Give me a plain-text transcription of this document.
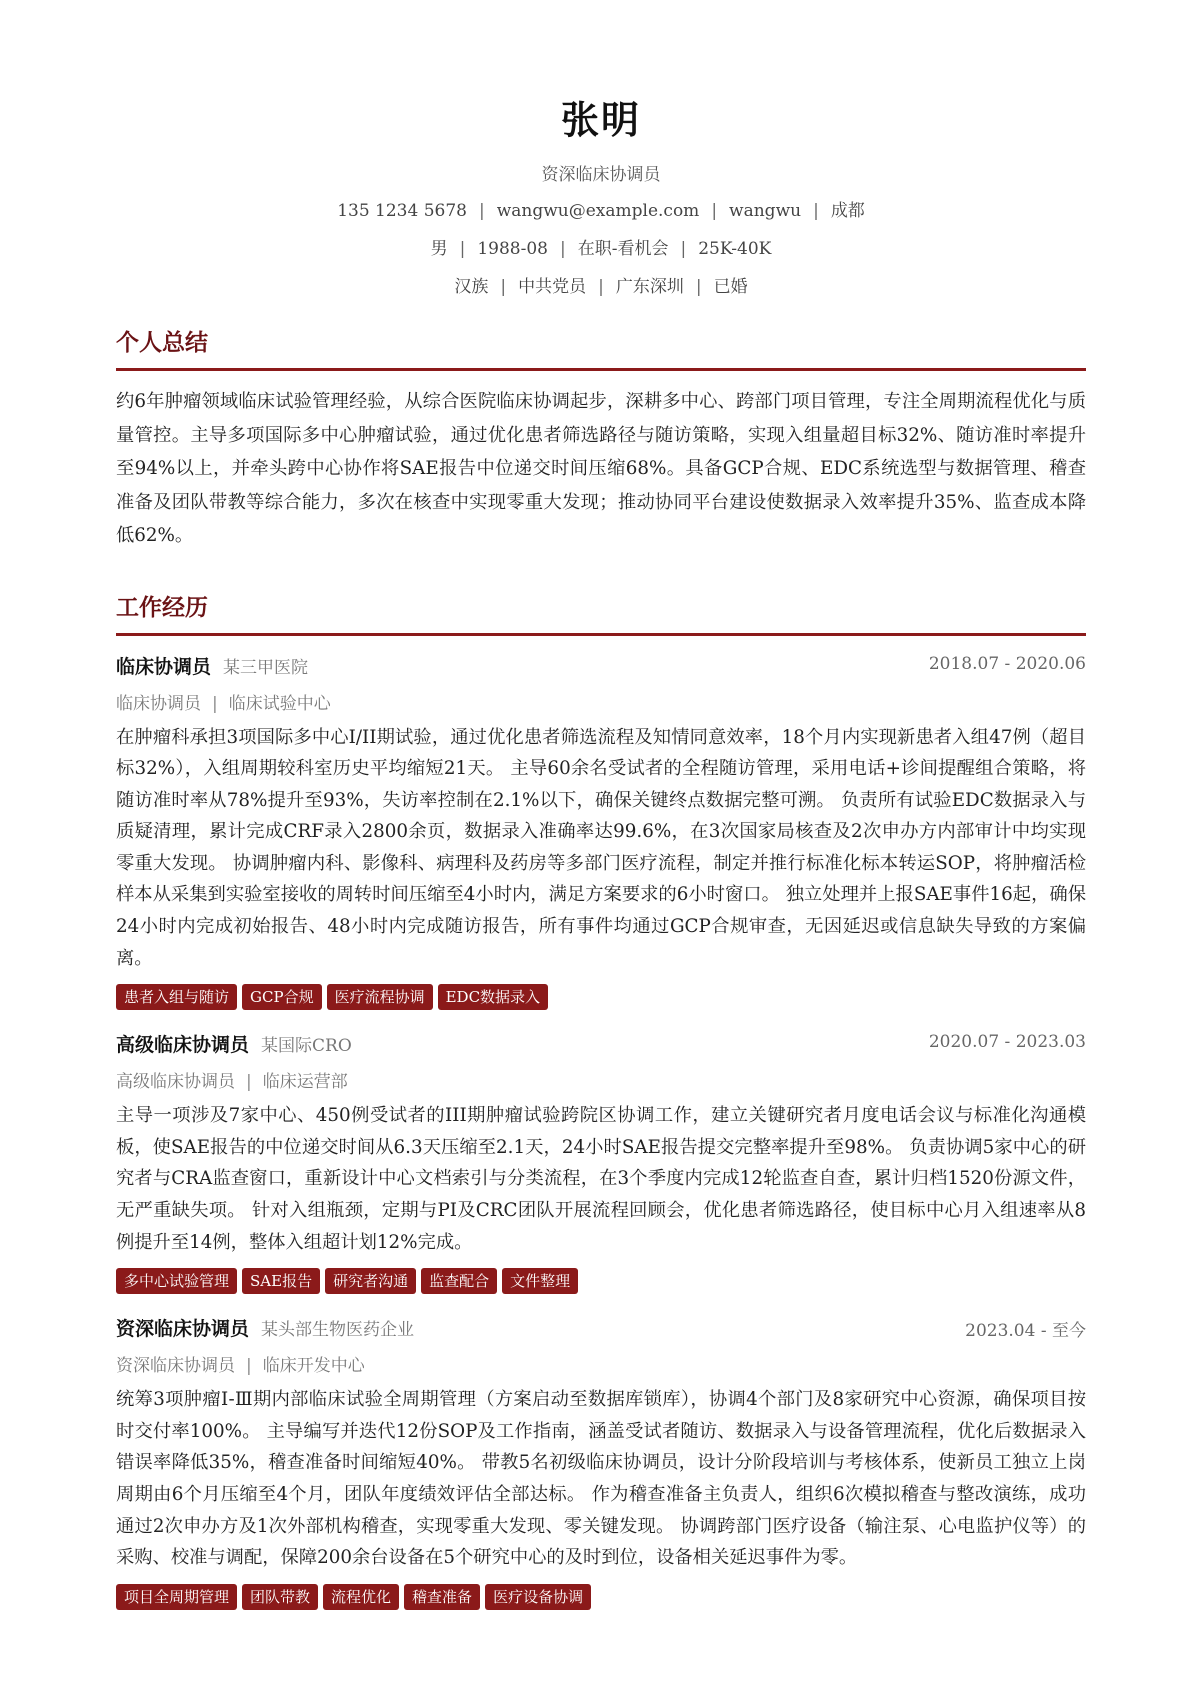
张明
资深临床协调员
135 1234 5678 | wangwu@example.com | wangwu | 成都
男 | 1988-08 | 在职-看机会 | 25K-40K
汉族 | 中共党员 | 广东深圳 | 已婚
个人总结
约6年肿瘤领域临床试验管理经验，从综合医院临床协调起步，深耕多中心、跨部门项目管理，专注全周期流程优化与质量管控。主导多项国际多中心肿瘤试验，通过优化患者筛选路径与随访策略，实现入组量超目标32%、随访准时率提升至94%以上，并牵头跨中心协作将SAE报告中位递交时间压缩68%。具备GCP合规、EDC系统选型与数据管理、稽查准备及团队带教等综合能力，多次在核查中实现零重大发现；推动协同平台建设使数据录入效率提升35%、监查成本降低62%。
工作经历
临床协调员 某三甲医院	2018.07 - 2020.06
临床协调员 | 临床试验中心
在肿瘤科承担3项国际多中心I/II期试验，通过优化患者筛选流程及知情同意效率，18个月内实现新患者入组47例（超目标32%），入组周期较科室历史平均缩短21天。 主导60余名受试者的全程随访管理，采用电话+诊间提醒组合策略，将随访准时率从78%提升至93%，失访率控制在2.1%以下，确保关键终点数据完整可溯。 负责所有试验EDC数据录入与质疑清理，累计完成CRF录入2800余页，数据录入准确率达99.6%，在3次国家局核查及2次申办方内部审计中均实现零重大发现。 协调肿瘤内科、影像科、病理科及药房等多部门医疗流程，制定并推行标准化标本转运SOP，将肿瘤活检样本从采集到实验室接收的周转时间压缩至4小时内，满足方案要求的6小时窗口。 独立处理并上报SAE事件16起，确保24小时内完成初始报告、48小时内完成随访报告，所有事件均通过GCP合规审查，无因延迟或信息缺失导致的方案偏离。
患者入组与随访 GCP合规 医疗流程协调 EDC数据录入
高级临床协调员 某国际CRO	2020.07 - 2023.03
高级临床协调员 | 临床运营部
主导一项涉及7家中心、450例受试者的III期肿瘤试验跨院区协调工作，建立关键研究者月度电话会议与标准化沟通模板，使SAE报告的中位递交时间从6.3天压缩至2.1天，24小时SAE报告提交完整率提升至98%。 负责协调5家中心的研究者与CRA监查窗口，重新设计中心文档索引与分类流程，在3个季度内完成12轮监查自查，累计归档1520份源文件，无严重缺失项。 针对入组瓶颈，定期与PI及CRC团队开展流程回顾会，优化患者筛选路径，使目标中心月入组速率从8例提升至14例，整体入组超计划12%完成。
多中心试验管理 SAE报告 研究者沟通 监查配合 文件整理
资深临床协调员 某头部生物医药企业	2023.04 - 至今
资深临床协调员 | 临床开发中心
统筹3项肿瘤Ⅰ-Ⅲ期内部临床试验全周期管理（方案启动至数据库锁库），协调4个部门及8家研究中心资源，确保项目按时交付率100%。 主导编写并迭代12份SOP及工作指南，涵盖受试者随访、数据录入与设备管理流程，优化后数据录入错误率降低35%，稽查准备时间缩短40%。 带教5名初级临床协调员，设计分阶段培训与考核体系，使新员工独立上岗周期由6个月压缩至4个月，团队年度绩效评估全部达标。 作为稽查准备主负责人，组织6次模拟稽查与整改演练，成功通过2次申办方及1次外部机构稽查，实现零重大发现、零关键发现。 协调跨部门医疗设备（输注泵、心电监护仪等）的采购、校准与调配，保障200余台设备在5个研究中心的及时到位，设备相关延迟事件为零。
项目全周期管理 团队带教 流程优化 稽查准备 医疗设备协调
